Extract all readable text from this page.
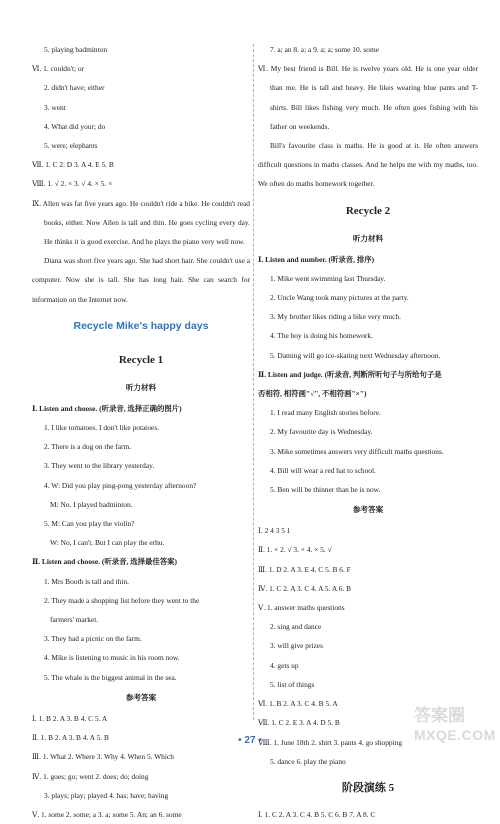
5. playing badminton
Ⅵ. 1. couldn't; or
2. didn't have; either
3. went
4. What did your; do
5. were; elephants
Ⅶ. 1. C 2. D 3. A 4. E 5. B
Ⅷ. 1. √ 2. × 3. √ 4. × 5. ×
Ⅸ. Allen was fat five years ago. He couldn't ride a bike. He couldn't read books, either. Now Allen is tall and thin. He goes cycling every day. He thinks it is good exercise. And he plays the piano very well now.
Diana was short five years ago. She had short hair. She couldn't use a computer. Now she is tall. She has long hair. She can search for information on the Internet now.
Recycle Mike's happy days
Recycle 1
听力材料
Ⅰ. Listen and choose. (听录音, 选择正确的图片)
1. I like tomatoes. I don't like potatoes.
2. There is a dog on the farm.
3. They went to the library yesterday.
4. W: Did you play ping-pong yesterday afternoon?
M: No. I played badminton.
5. M: Can you play the violin?
W: No, I can't. But I can play the erhu.
Ⅱ. Listen and choose. (听录音, 选择最佳答案)
1. Mrs Booth is tall and thin.
2. They made a shopping list before they went to the
farmers' market.
3. They had a picnic on the farm.
4. Mike is listening to music in his room now.
5. The whale is the biggest animal in the sea.
参考答案
Ⅰ. 1. B 2. A 3. B 4. C 5. A
Ⅱ. 1. B 2. A 3. B 4. A 5. B
Ⅲ. 1. What 2. Where 3. Why 4. When 5. Which
Ⅳ. 1. goes; go; went 2. does; do; doing
3. plays; play; played 4. has; have; having
Ⅴ. 1. some 2. some; a 3. a; some 5. An; an 6. some
7. a; an 8. a; a 9. a; a; some 10. some
Ⅵ. My best friend is Bill. He is twelve years old. He is one year older than me. He is tall and heavy. He likes wearing blue pants and T-shirts. Bill likes fishing very much. He often goes fishing with his father on weekends.
Bill's favourite class is maths. He is good at it. He often answers difficult questions in maths classes. And he helps me with my maths, too. We often do maths homework together.
Recycle 2
听力材料
Ⅰ. Listen and number. (听录音, 排序)
1. Mike went swimming last Thursday.
2. Uncle Wang took many pictures at the party.
3. My brother likes riding a bike very much.
4. The boy is doing his homework.
5. Daming will go ice-skating next Wednesday afternoon.
Ⅱ. Listen and judge. (听录音, 判断所听句子与所给句子是
否相符, 相符画"√", 不相符画"×")
1. I read many English stories before.
2. My favourite day is Wednesday.
3. Mike sometimes answers very difficult maths questions.
4. Bill will wear a red hat to school.
5. Ben will be thinner than he is now.
参考答案
Ⅰ. 2 4 3 5 1
Ⅱ. 1. × 2. √ 3. × 4. × 5. √
Ⅲ. 1. D 2. A 3. E 4. C 5. B 6. F
Ⅳ. 1. C 2. A 3. C 4. A 5. A 6. B
Ⅴ. 1. answer maths questions
2. sing and dance
3. will give prizes
4. gets up
5. list of things
Ⅵ. 1. B 2. A 3. C 4. B 5. A
Ⅶ. 1. C 2. E 3. A 4. D 5. B
Ⅷ. 1. June 18th 2. shirt 3. pants 4. go shopping
5. dance 6. play the piano
阶段演练 5
Ⅰ. 1. C 2. A 3. C 4. B 5. C 6. B 7. A 8. C
• 27 •
答案圈
MXQE.COM
